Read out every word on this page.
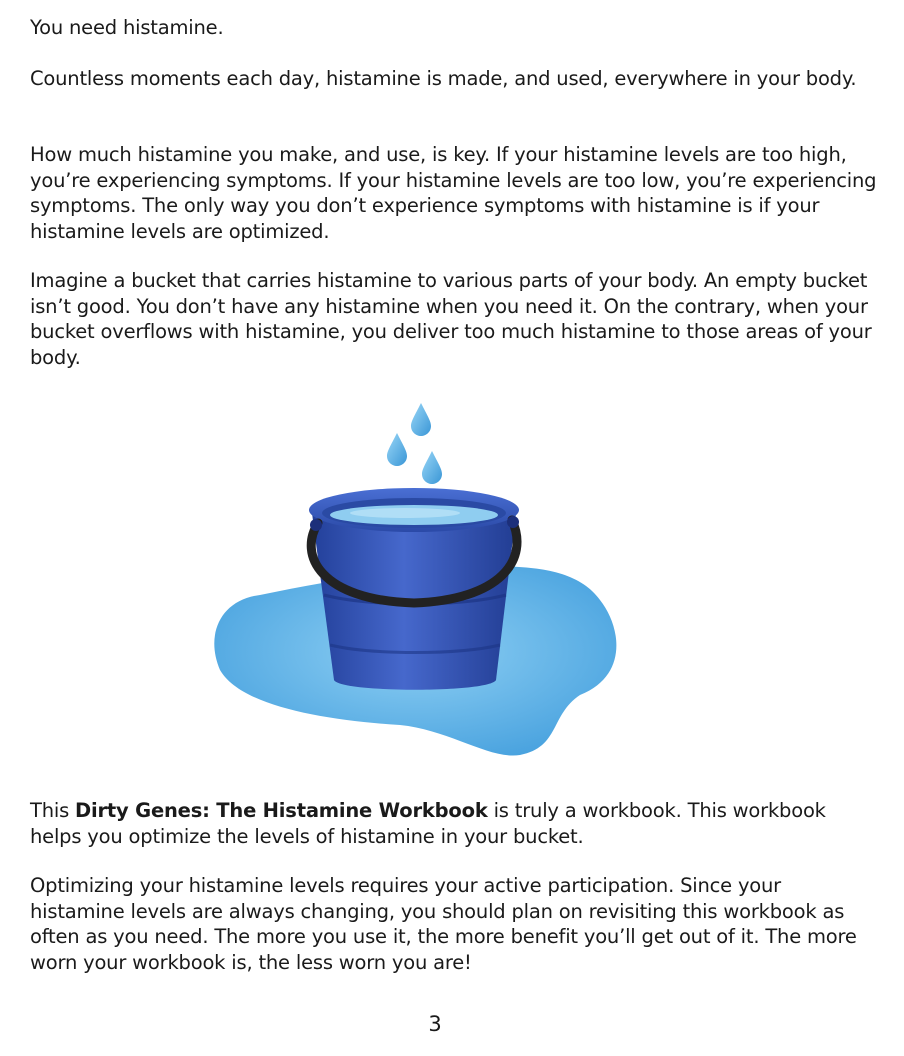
You need histamine.

Countless moments each day, histamine is made, and used, everywhere in your body.

How much histamine you make, and use, is key. If your histamine levels are too high, you’re experiencing symptoms. If your histamine levels are too low, you’re experiencing symptoms. The only way you don’t experience symptoms with histamine is if your histamine levels are optimized.

Imagine a bucket that carries histamine to various parts of your body. An empty bucket isn’t good. You don’t have any histamine when you need it. On the contrary, when your bucket overflows with histamine, you deliver too much histamine to those areas of your body.

This Dirty Genes: The Histamine Workbook is truly a workbook. This workbook helps you optimize the levels of histamine in your bucket.

Optimizing your histamine levels requires your active participation. Since your histamine levels are always changing, you should plan on revisiting this workbook as often as you need. The more you use it, the more benefit you’ll get out of it. The more worn your workbook is, the less worn you are!

3
